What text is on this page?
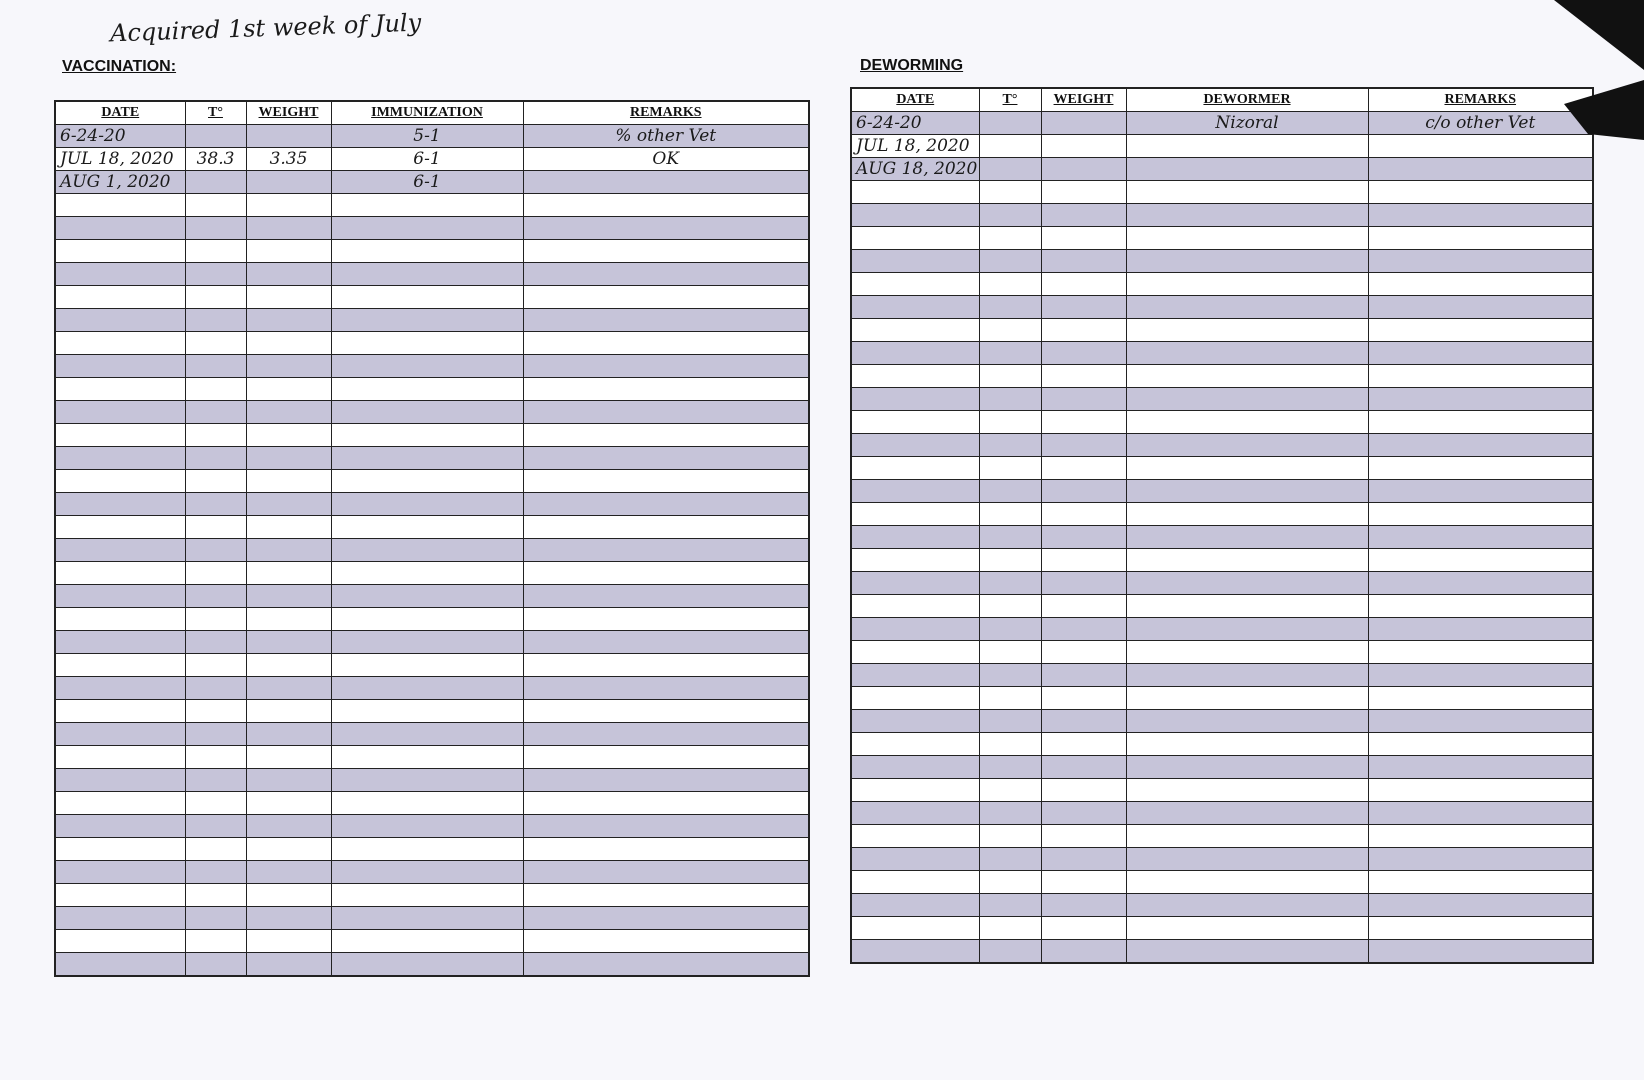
Acquired 1st week of July
VACCINATION:	DEWORMING
DATE	T°	WEIGHT	IMMUNIZATION	REMARKS
6-24-20			5-1	% other Vet
JUL 18, 2020	38.3	3.35	6-1	OK
AUG 1, 2020			6-1	

DATE	T°	WEIGHT	DEWORMER	REMARKS
6-24-20			Nizoral	c/o other Vet
JUL 18, 2020				
AUG 18, 2020				
